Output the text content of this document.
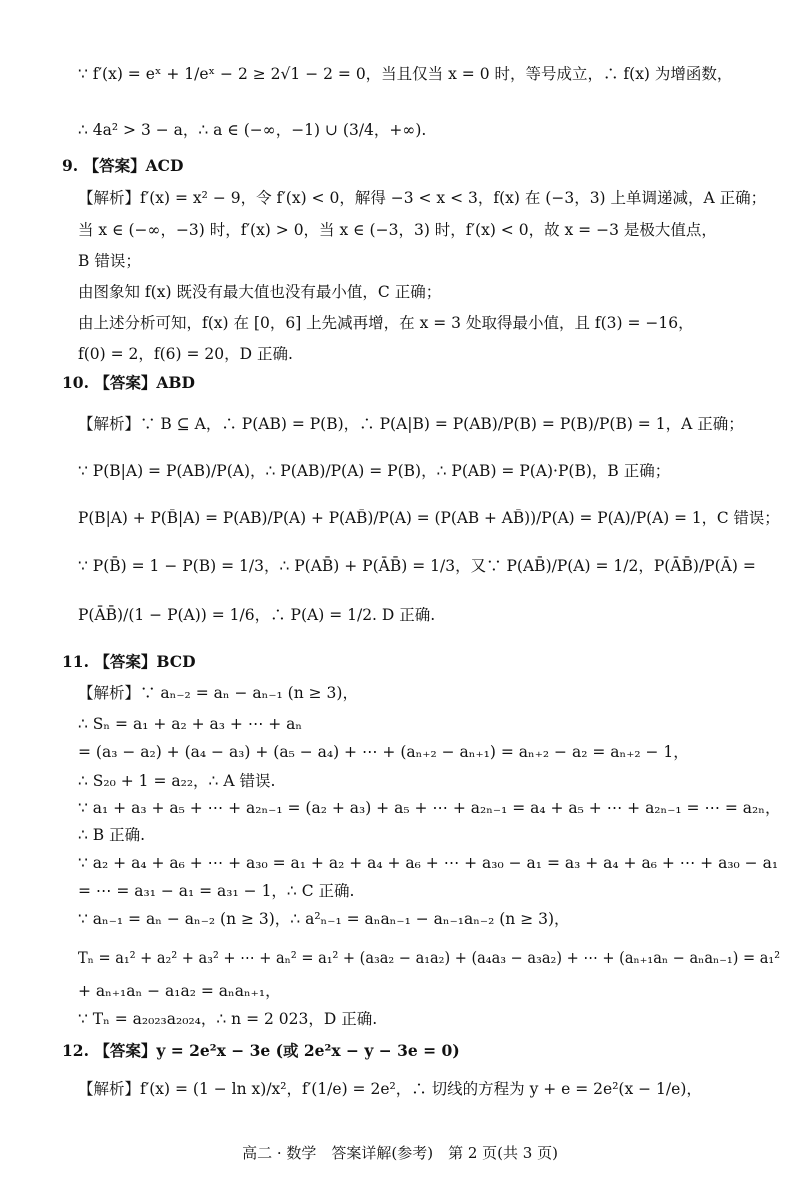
∵ f′(x) = eˣ + 1/eˣ − 2 ≥ 2√1 − 2 = 0，当且仅当 x = 0 时，等号成立，∴ f(x) 为增函数，
∴ 4a² > 3 − a，∴ a ∈ (−∞，−1) ∪ (3/4，+∞).
9. 【答案】ACD
【解析】f′(x) = x² − 9，令 f′(x) < 0，解得 −3 < x < 3，f(x) 在 (−3，3) 上单调递减，A 正确；
当 x ∈ (−∞，−3) 时，f′(x) > 0，当 x ∈ (−3，3) 时，f′(x) < 0，故 x = −3 是极大值点，
B 错误；
由图象知 f(x) 既没有最大值也没有最小值，C 正确；
由上述分析可知，f(x) 在 [0，6] 上先减再增，在 x = 3 处取得最小值，且 f(3) = −16，
f(0) = 2，f(6) = 20，D 正确.
10. 【答案】ABD
【解析】∵ B ⊆ A，∴ P(AB) = P(B)，∴ P(A|B) = P(AB)/P(B) = P(B)/P(B) = 1，A 正确；
∵ P(B|A) = P(AB)/P(A)，∴ P(AB)/P(A) = P(B)，∴ P(AB) = P(A)·P(B)，B 正确；
P(B|A) + P(B̄|A) = P(AB)/P(A) + P(AB̄)/P(A) = (P(AB + AB̄))/P(A) = P(A)/P(A) = 1，C 错误；
∵ P(B̄) = 1 − P(B) = 1/3，∴ P(AB̄) + P(ĀB̄) = 1/3，又∵ P(AB̄)/P(A) = 1/2，P(ĀB̄)/P(Ā) =
P(ĀB̄)/(1 − P(A)) = 1/6，∴ P(A) = 1/2. D 正确.
11. 【答案】BCD
【解析】∵ aₙ₋₂ = aₙ − aₙ₋₁ (n ≥ 3)，
∴ Sₙ = a₁ + a₂ + a₃ + ⋯ + aₙ
= (a₃ − a₂) + (a₄ − a₃) + (a₅ − a₄) + ⋯ + (aₙ₊₂ − aₙ₊₁) = aₙ₊₂ − a₂ = aₙ₊₂ − 1，
∴ S₂₀ + 1 = a₂₂，∴ A 错误.
∵ a₁ + a₃ + a₅ + ⋯ + a₂ₙ₋₁ = (a₂ + a₃) + a₅ + ⋯ + a₂ₙ₋₁ = a₄ + a₅ + ⋯ + a₂ₙ₋₁ = ⋯ = a₂ₙ，
∴ B 正确.
∵ a₂ + a₄ + a₆ + ⋯ + a₃₀ = a₁ + a₂ + a₄ + a₆ + ⋯ + a₃₀ − a₁ = a₃ + a₄ + a₆ + ⋯ + a₃₀ − a₁
= ⋯ = a₃₁ − a₁ = a₃₁ − 1，∴ C 正确.
∵ aₙ₋₁ = aₙ − aₙ₋₂ (n ≥ 3)，∴ a²ₙ₋₁ = aₙaₙ₋₁ − aₙ₋₁aₙ₋₂ (n ≥ 3)，
Tₙ = a₁² + a₂² + a₃² + ⋯ + aₙ² = a₁² + (a₃a₂ − a₁a₂) + (a₄a₃ − a₃a₂) + ⋯ + (aₙ₊₁aₙ − aₙaₙ₋₁) = a₁²
+ aₙ₊₁aₙ − a₁a₂ = aₙaₙ₊₁，
∵ Tₙ = a₂₀₂₃a₂₀₂₄，∴ n = 2 023，D 正确.
12. 【答案】y = 2e²x − 3e (或 2e²x − y − 3e = 0)
【解析】f′(x) = (1 − ln x)/x²，f′(1/e) = 2e²，∴ 切线的方程为 y + e = 2e²(x − 1/e)，
高二 · 数学　答案详解(参考)　第 2 页(共 3 页)
